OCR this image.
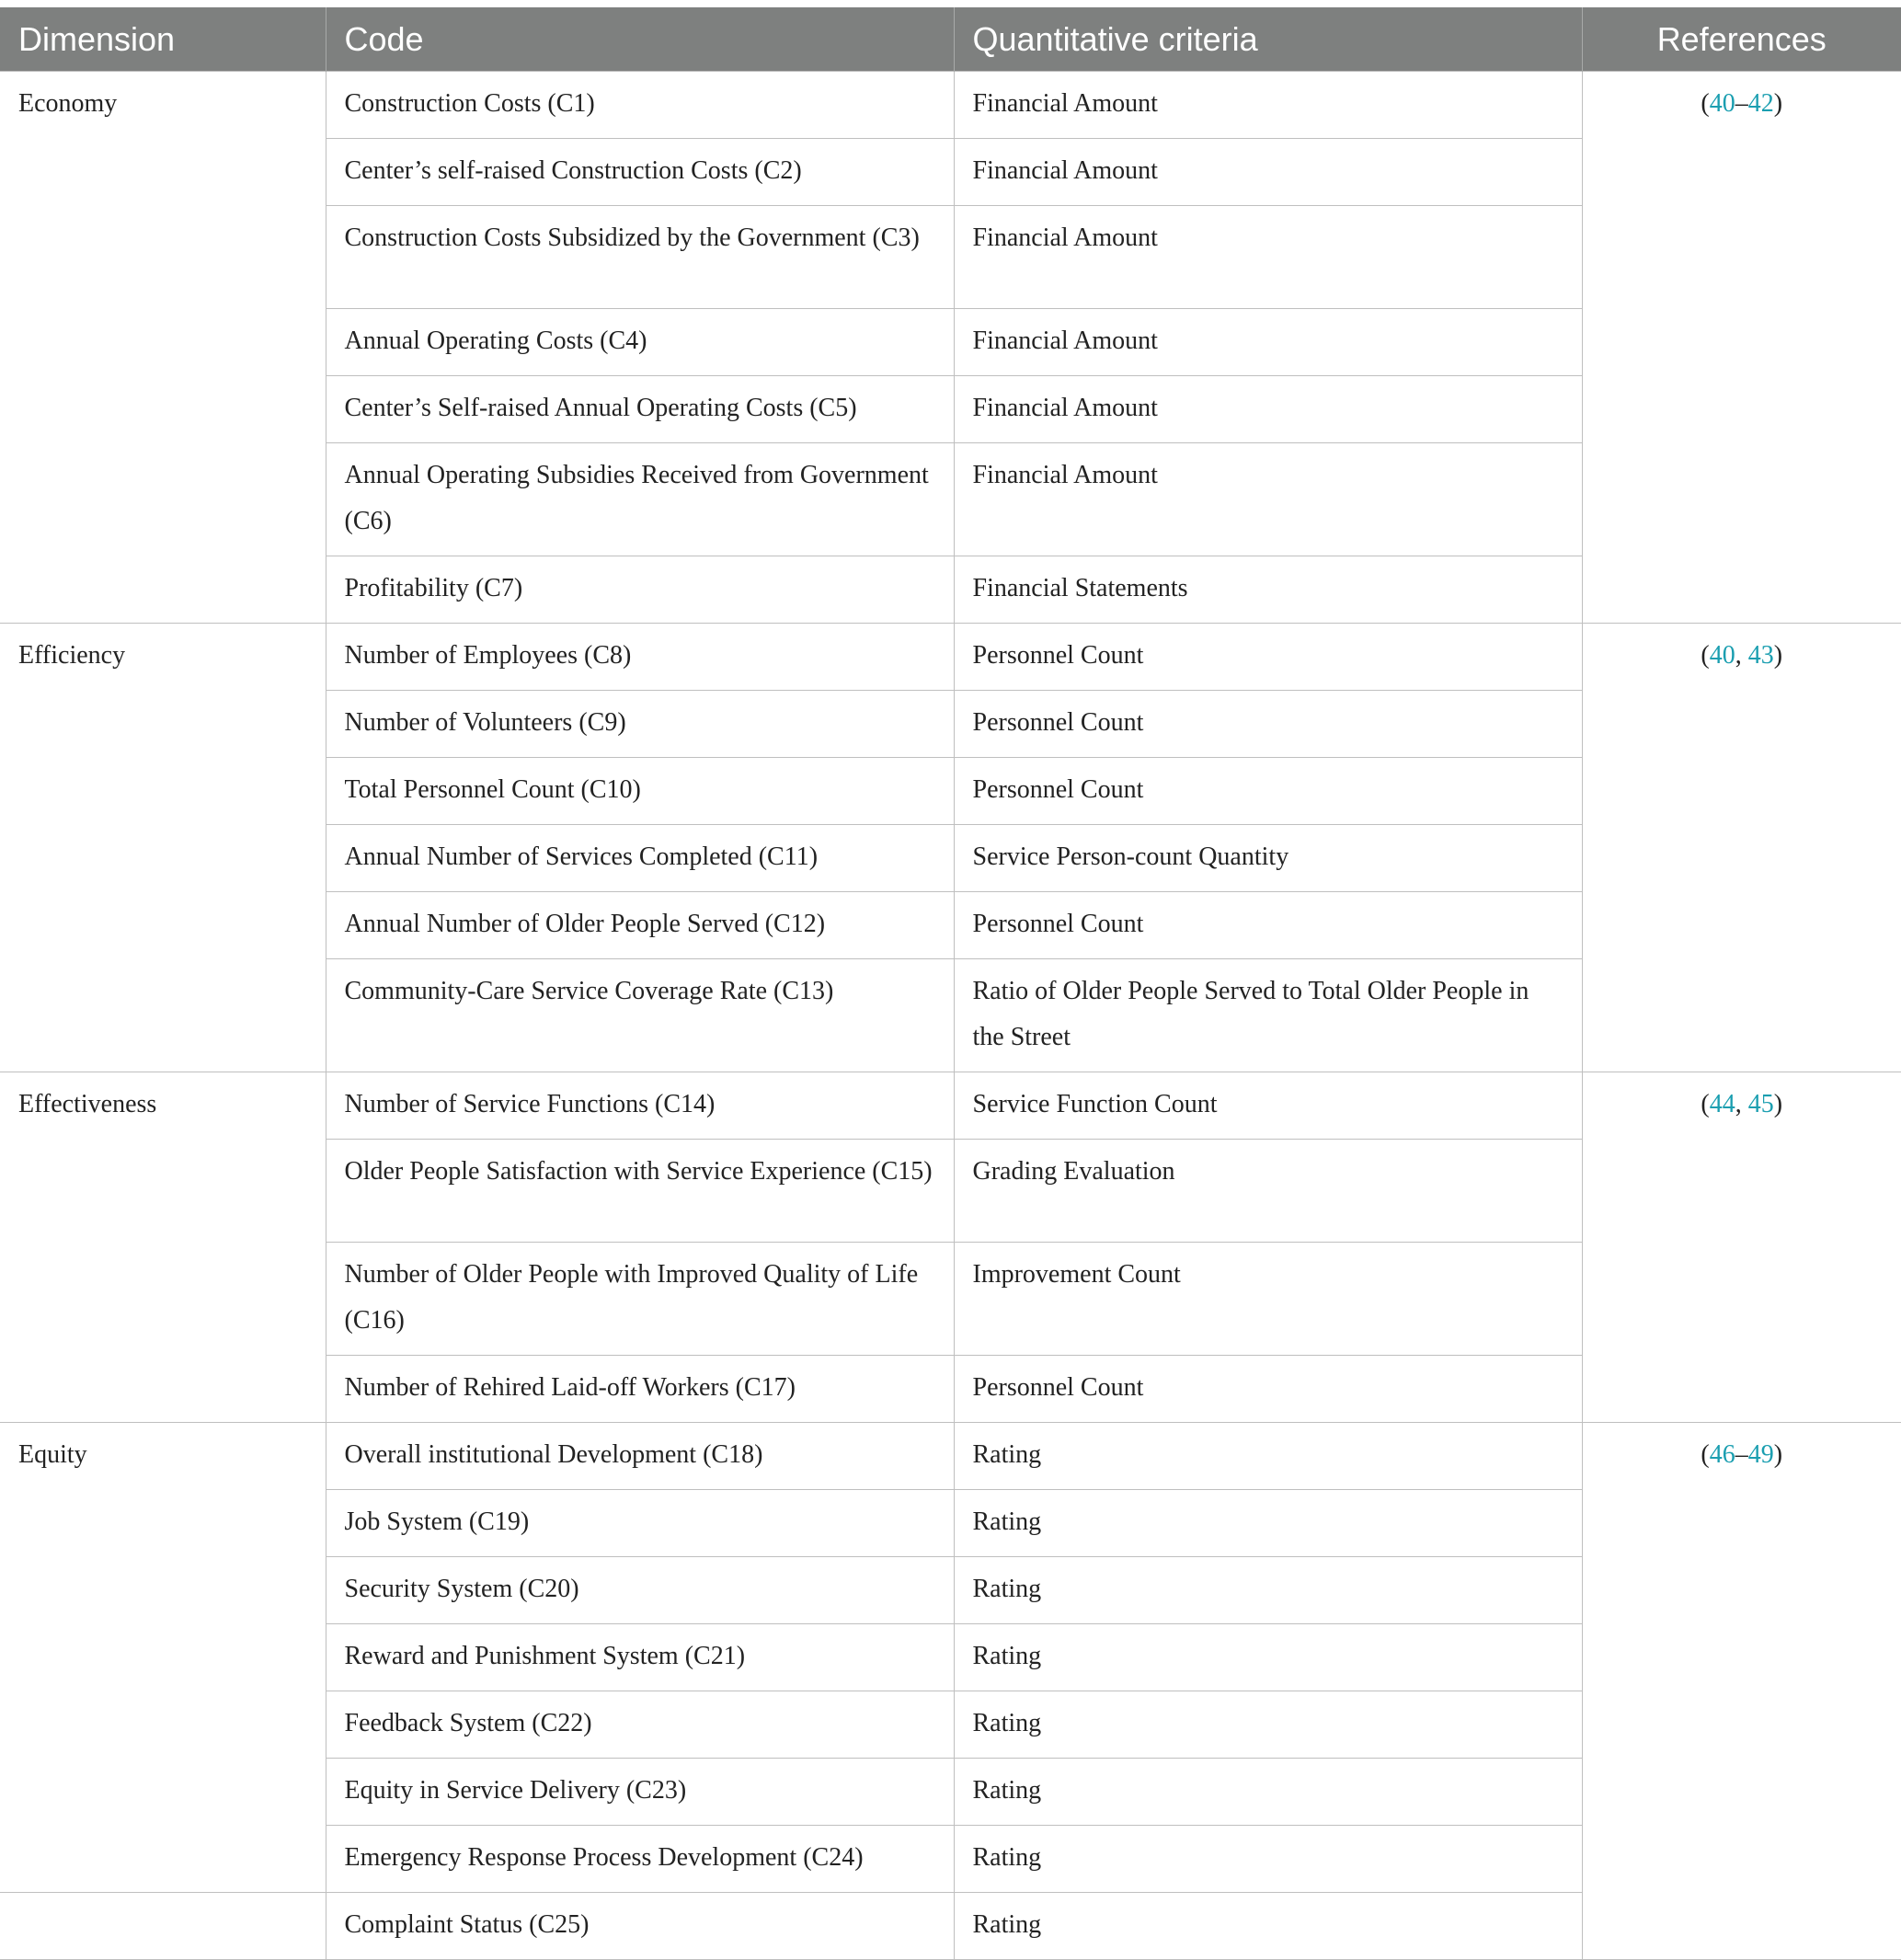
Dimension	Code	Quantitative criteria	References
Economy	Construction Costs (C1)	Financial Amount	(40–42)
	Center’s self-raised Construction Costs (C2)	Financial Amount	
	Construction Costs Subsidized by the Government (C3)	Financial Amount	
	Annual Operating Costs (C4)	Financial Amount	
	Center’s Self-raised Annual Operating Costs (C5)	Financial Amount	
	Annual Operating Subsidies Received from Government (C6)	Financial Amount	
	Profitability (C7)	Financial Statements	
Efficiency	Number of Employees (C8)	Personnel Count	(40, 43)
	Number of Volunteers (C9)	Personnel Count	
	Total Personnel Count (C10)	Personnel Count	
	Annual Number of Services Completed (C11)	Service Person-count Quantity	
	Annual Number of Older People Served (C12)	Personnel Count	
	Community-Care Service Coverage Rate (C13)	Ratio of Older People Served to Total Older People in the Street	
Effectiveness	Number of Service Functions (C14)	Service Function Count	(44, 45)
	Older People Satisfaction with Service Experience (C15)	Grading Evaluation	
	Number of Older People with Improved Quality of Life (C16)	Improvement Count	
	Number of Rehired Laid-off Workers (C17)	Personnel Count	
Equity	Overall institutional Development (C18)	Rating	(46–49)
	Job System (C19)	Rating	
	Security System (C20)	Rating	
	Reward and Punishment System (C21)	Rating	
	Feedback System (C22)	Rating	
	Equity in Service Delivery (C23)	Rating	
	Emergency Response Process Development (C24)	Rating	
	Complaint Status (C25)	Rating	
